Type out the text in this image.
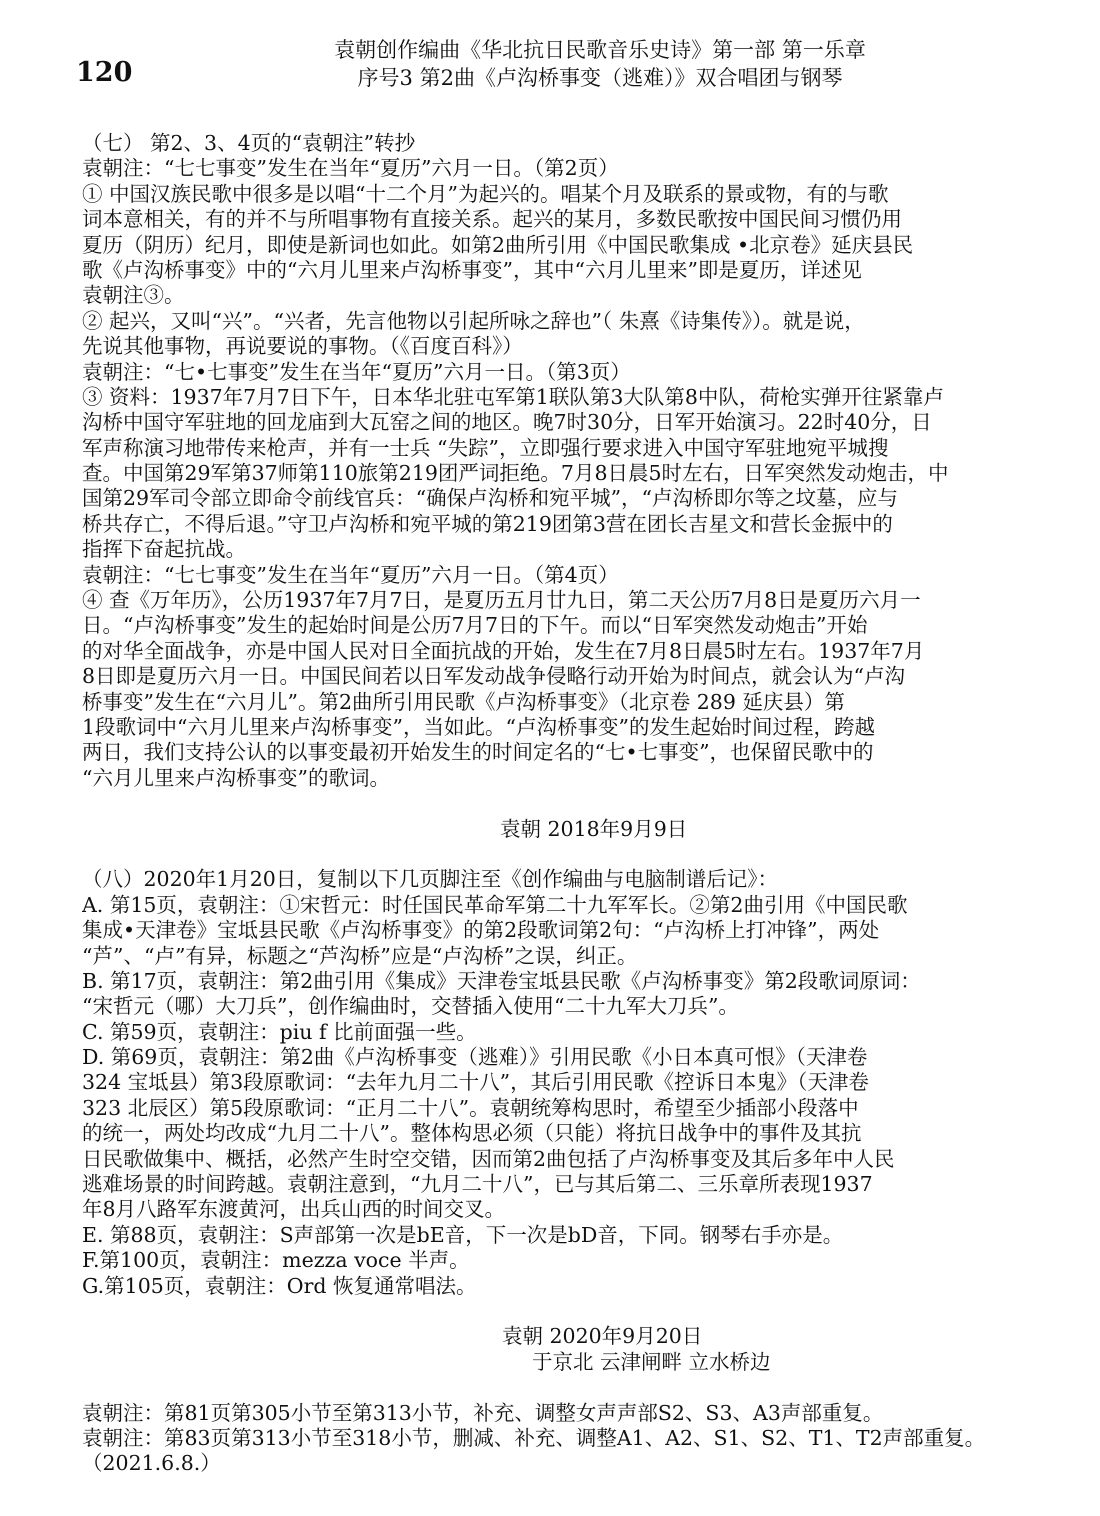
120
袁朝创作编曲《华北抗日民歌音乐史诗》第一部 第一乐章
序号3 第2曲《卢沟桥事变（逃难）》双合唱团与钢琴
（七） 第2、3、4页的“袁朝注”转抄
袁朝注：“七七事变”发生在当年“夏历”六月一日。（第2页）
① 中国汉族民歌中很多是以唱“十二个月”为起兴的。唱某个月及联系的景或物，有的与歌
词本意相关，有的并不与所唱事物有直接关系。起兴的某月，多数民歌按中国民间习惯仍用
夏历（阴历）纪月，即使是新词也如此。如第2曲所引用《中国民歌集成 •北京卷》延庆县民
歌《卢沟桥事变》中的“六月儿里来卢沟桥事变”，其中“六月儿里来”即是夏历，详述见
袁朝注③。
② 起兴，又叫“兴”。“兴者，先言他物以引起所咏之辞也”（ 朱熹《诗集传》）。就是说，
先说其他事物，再说要说的事物。（《百度百科》）
袁朝注：“七•七事变”发生在当年“夏历”六月一日。（第3页）
③ 资料：1937年7月7日下午，日本华北驻屯军第1联队第3大队第8中队，荷枪实弹开往紧靠卢
沟桥中国守军驻地的回龙庙到大瓦窑之间的地区。晚7时30分，日军开始演习。22时40分，日
军声称演习地带传来枪声，并有一士兵 “失踪”，立即强行要求进入中国守军驻地宛平城搜
查。中国第29军第37师第110旅第219团严词拒绝。7月8日晨5时左右，日军突然发动炮击，中
国第29军司令部立即命令前线官兵：“确保卢沟桥和宛平城”，“卢沟桥即尔等之坟墓，应与
桥共存亡，不得后退。”守卫卢沟桥和宛平城的第219团第3营在团长吉星文和营长金振中的
指挥下奋起抗战。
袁朝注：“七七事变”发生在当年“夏历”六月一日。（第4页）
④ 查《万年历》，公历1937年7月7日，是夏历五月廿九日，第二天公历7月8日是夏历六月一
日。“卢沟桥事变”发生的起始时间是公历7月7日的下午。而以“日军突然发动炮击”开始
的对华全面战争，亦是中国人民对日全面抗战的开始，发生在7月8日晨5时左右。1937年7月
8日即是夏历六月一日。中国民间若以日军发动战争侵略行动开始为时间点，就会认为“卢沟
桥事变”发生在“六月儿”。第2曲所引用民歌《卢沟桥事变》（北京卷 289 延庆县）第
1段歌词中“六月儿里来卢沟桥事变”，当如此。“卢沟桥事变”的发生起始时间过程，跨越
两日，我们支持公认的以事变最初开始发生的时间定名的“七•七事变”，也保留民歌中的
“六月儿里来卢沟桥事变”的歌词。
袁朝 2018年9月9日
（八）2020年1月20日，复制以下几页脚注至《创作编曲与电脑制谱后记》：
A. 第15页，袁朝注：①宋哲元：时任国民革命军第二十九军军长。②第2曲引用《中国民歌
集成•天津卷》宝坻县民歌《卢沟桥事变》的第2段歌词第2句：“卢沟桥上打冲锋”，两处
“芦”、“卢”有异，标题之“芦沟桥”应是“卢沟桥”之误，纠正。
B. 第17页，袁朝注：第2曲引用《集成》天津卷宝坻县民歌《卢沟桥事变》第2段歌词原词：
“宋哲元（哪）大刀兵”，创作编曲时，交替插入使用“二十九军大刀兵”。
C. 第59页，袁朝注：piu f 比前面强一些。
D. 第69页，袁朝注：第2曲《卢沟桥事变（逃难）》引用民歌《小日本真可恨》（天津卷
324 宝坻县）第3段原歌词：“去年九月二十八”，其后引用民歌《控诉日本鬼》（天津卷
323 北辰区）第5段原歌词：“正月二十八”。袁朝统筹构思时，希望至少插部小段落中
的统一，两处均改成“九月二十八”。整体构思必须（只能）将抗日战争中的事件及其抗
日民歌做集中、概括，必然产生时空交错，因而第2曲包括了卢沟桥事变及其后多年中人民
逃难场景的时间跨越。袁朝注意到，“九月二十八”，已与其后第二、三乐章所表现1937
年8月八路军东渡黄河，出兵山西的时间交叉。
E. 第88页，袁朝注：S声部第一次是bE音，下一次是bD音，下同。钢琴右手亦是。
F.第100页，袁朝注：mezza voce 半声。
G.第105页，袁朝注：Ord 恢复通常唱法。
袁朝 2020年9月20日
于京北 云津闸畔 立水桥边
袁朝注：第81页第305小节至第313小节，补充、调整女声声部S2、S3、A3声部重复。
袁朝注：第83页第313小节至318小节，删减、补充、调整A1、A2、S1、S2、T1、T2声部重复。
（2021.6.8.）
